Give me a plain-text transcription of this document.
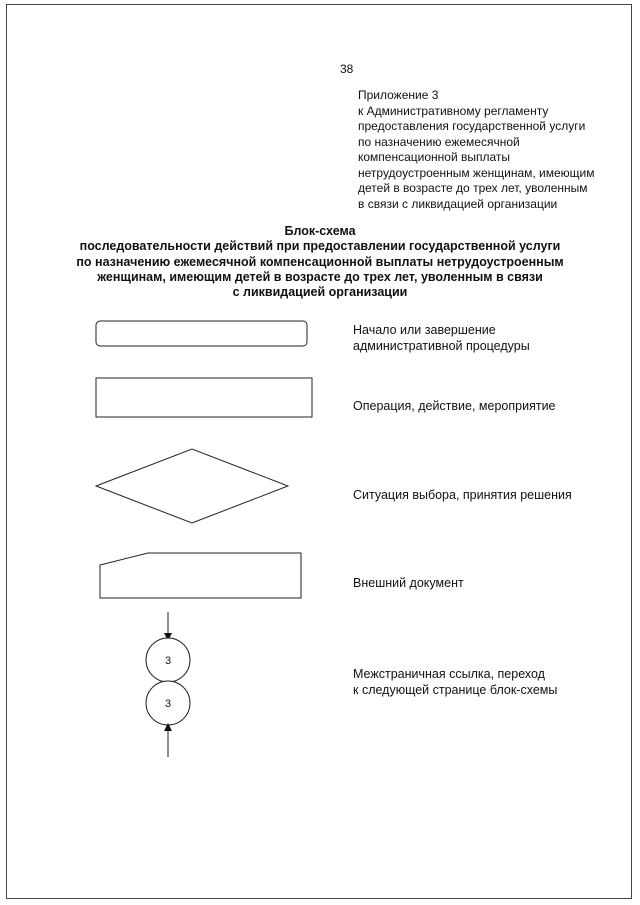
38
Приложение 3
к Административному регламенту
предоставления государственной услуги
по назначению ежемесячной
компенсационной выплаты
нетрудоустроенным женщинам, имеющим
детей в возрасте до трех лет, уволенным
в связи с ликвидацией организации
Блок-схема
последовательности действий при предоставлении государственной услуги
по назначению ежемесячной компенсационной выплаты нетрудоустроенным
женщинам, имеющим детей в возрасте до трех лет, уволенным в связи
с ликвидацией организации
3
3
Начало или завершение
административной процедуры
Операция, действие, мероприятие
Ситуация выбора, принятия решения
Внешний документ
Межстраничная ссылка, переход
к следующей странице блок-схемы
